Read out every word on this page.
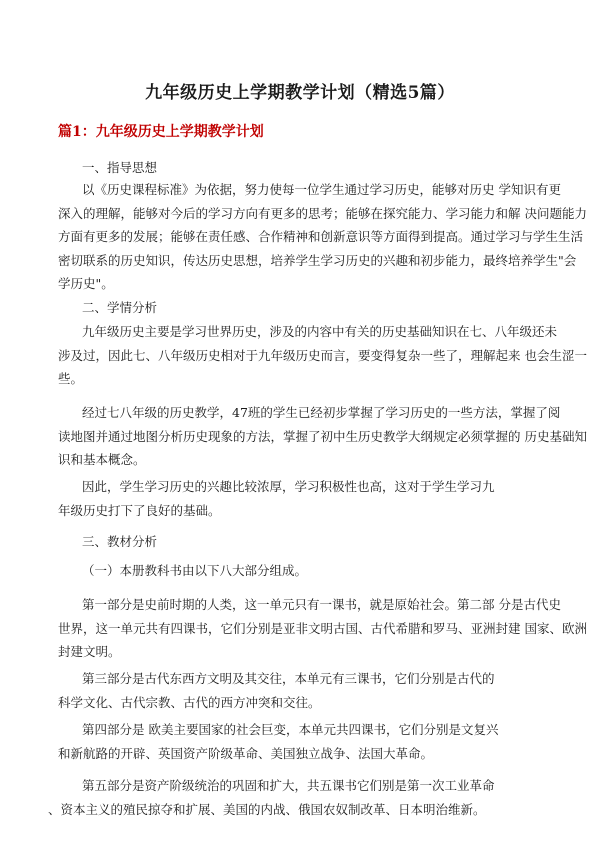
九年级历史上学期教学计划（精选5篇）
篇1：九年级历史上学期教学计划
一、指导思想
以《历史课程标准》为依据，努力使每一位学生通过学习历史，能够对历史 学知识有更
深入的理解，能够对今后的学习方向有更多的思考；能够在探究能力、学习能力和解 决问题能力
方面有更多的发展；能够在责任感、合作精神和创新意识等方面得到提高。通过学习与学生生活
密切联系的历史知识，传达历史思想，培养学生学习历史的兴趣和初步能力，最终培养学生"会
学历史"。
二、学情分析
九年级历史主要是学习世界历史，涉及的内容中有关的历史基础知识在七、八年级还未
涉及过，因此七、八年级历史相对于九年级历史而言，要变得复杂一些了，理解起来 也会生涩一
些。
经过七八年级的历史教学，47班的学生已经初步掌握了学习历史的一些方法，掌握了阅
读地图并通过地图分析历史现象的方法，掌握了初中生历史教学大纲规定必须掌握的 历史基础知
识和基本概念。
因此，学生学习历史的兴趣比较浓厚，学习积极性也高，这对于学生学习九
年级历史打下了良好的基础。
三、教材分析
（一）本册教科书由以下八大部分组成。
第一部分是史前时期的人类，这一单元只有一课书，就是原始社会。第二部 分是古代史
世界，这一单元共有四课书，它们分别是亚非文明古国、古代希腊和罗马、亚洲封建 国家、欧洲
封建文明。
第三部分是古代东西方文明及其交往，本单元有三课书，它们分别是古代的
科学文化、古代宗教、古代的西方冲突和交往。
第四部分是 欧美主要国家的社会巨变，本单元共四课书，它们分别是文复兴
和新航路的开辟、英国资产阶级革命、美国独立战争、法国大革命。
第五部分是资产阶级统治的巩固和扩大，共五课书它们别是第一次工业革命
、资本主义的殖民掠夺和扩展、美国的内战、俄国农奴制改革、日本明治维新。
